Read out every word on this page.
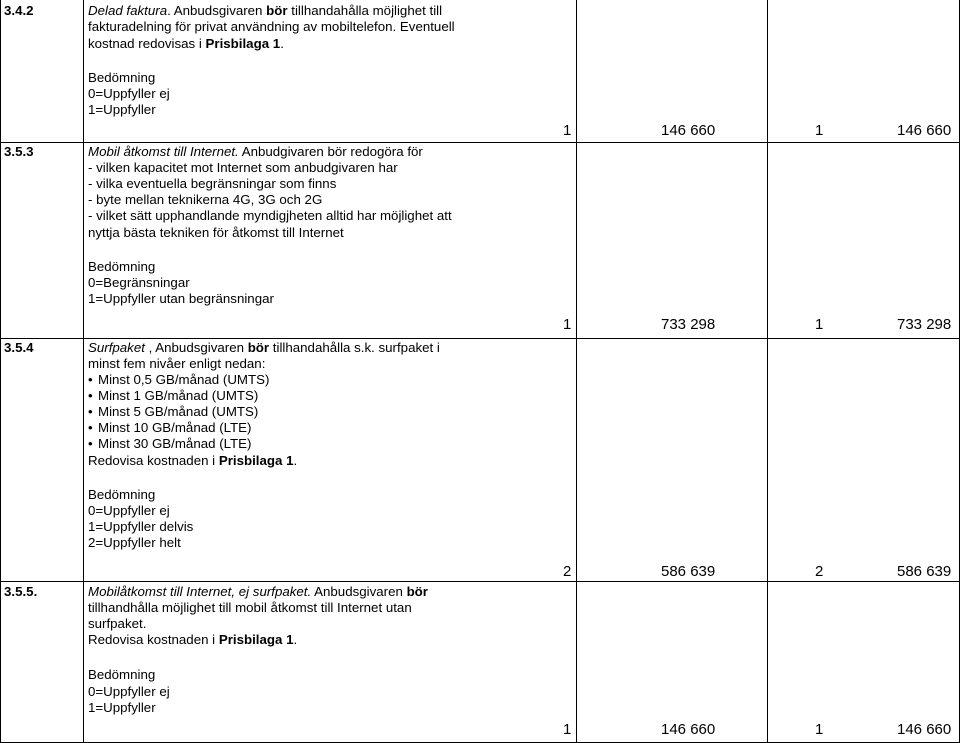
3.4.2	Delad faktura. Anbudsgivaren bör tillhandahålla möjlighet till
fakturadelning för privat användning av mobiltelefon. Eventuell
kostnad redovisas i Prisbilaga 1.
Bedömning
0=Uppfyller ej
1=Uppfyller
1	146 660	1	146 660
3.5.3	Mobil åtkomst till Internet. Anbudgivaren bör redogöra för
- vilken kapacitet mot Internet som anbudgivaren har
- vilka eventuella begränsningar som finns
- byte mellan teknikerna 4G, 3G och 2G
- vilket sätt upphandlande myndigjheten alltid har möjlighet att
nyttja bästa tekniken för åtkomst till Internet
Bedömning
0=Begränsningar
1=Uppfyller utan begränsningar
1	733 298	1	733 298
3.5.4	Surfpaket , Anbudsgivaren bör tillhandahålla s.k. surfpaket i
minst fem nivåer enligt nedan:
• Minst 0,5 GB/månad (UMTS)
• Minst 1 GB/månad (UMTS)
• Minst 5 GB/månad (UMTS)
• Minst 10 GB/månad (LTE)
• Minst 30 GB/månad (LTE)
Redovisa kostnaden i Prisbilaga 1.
Bedömning
0=Uppfyller ej
1=Uppfyller delvis
2=Uppfyller helt
2	586 639	2	586 639
3.5.5.	Mobilåtkomst till Internet, ej surfpaket. Anbudsgivaren bör
tillhandhålla möjlighet till mobil åtkomst till Internet utan
surfpaket.
Redovisa kostnaden i Prisbilaga 1.
Bedömning
0=Uppfyller ej
1=Uppfyller
1	146 660	1	146 660
